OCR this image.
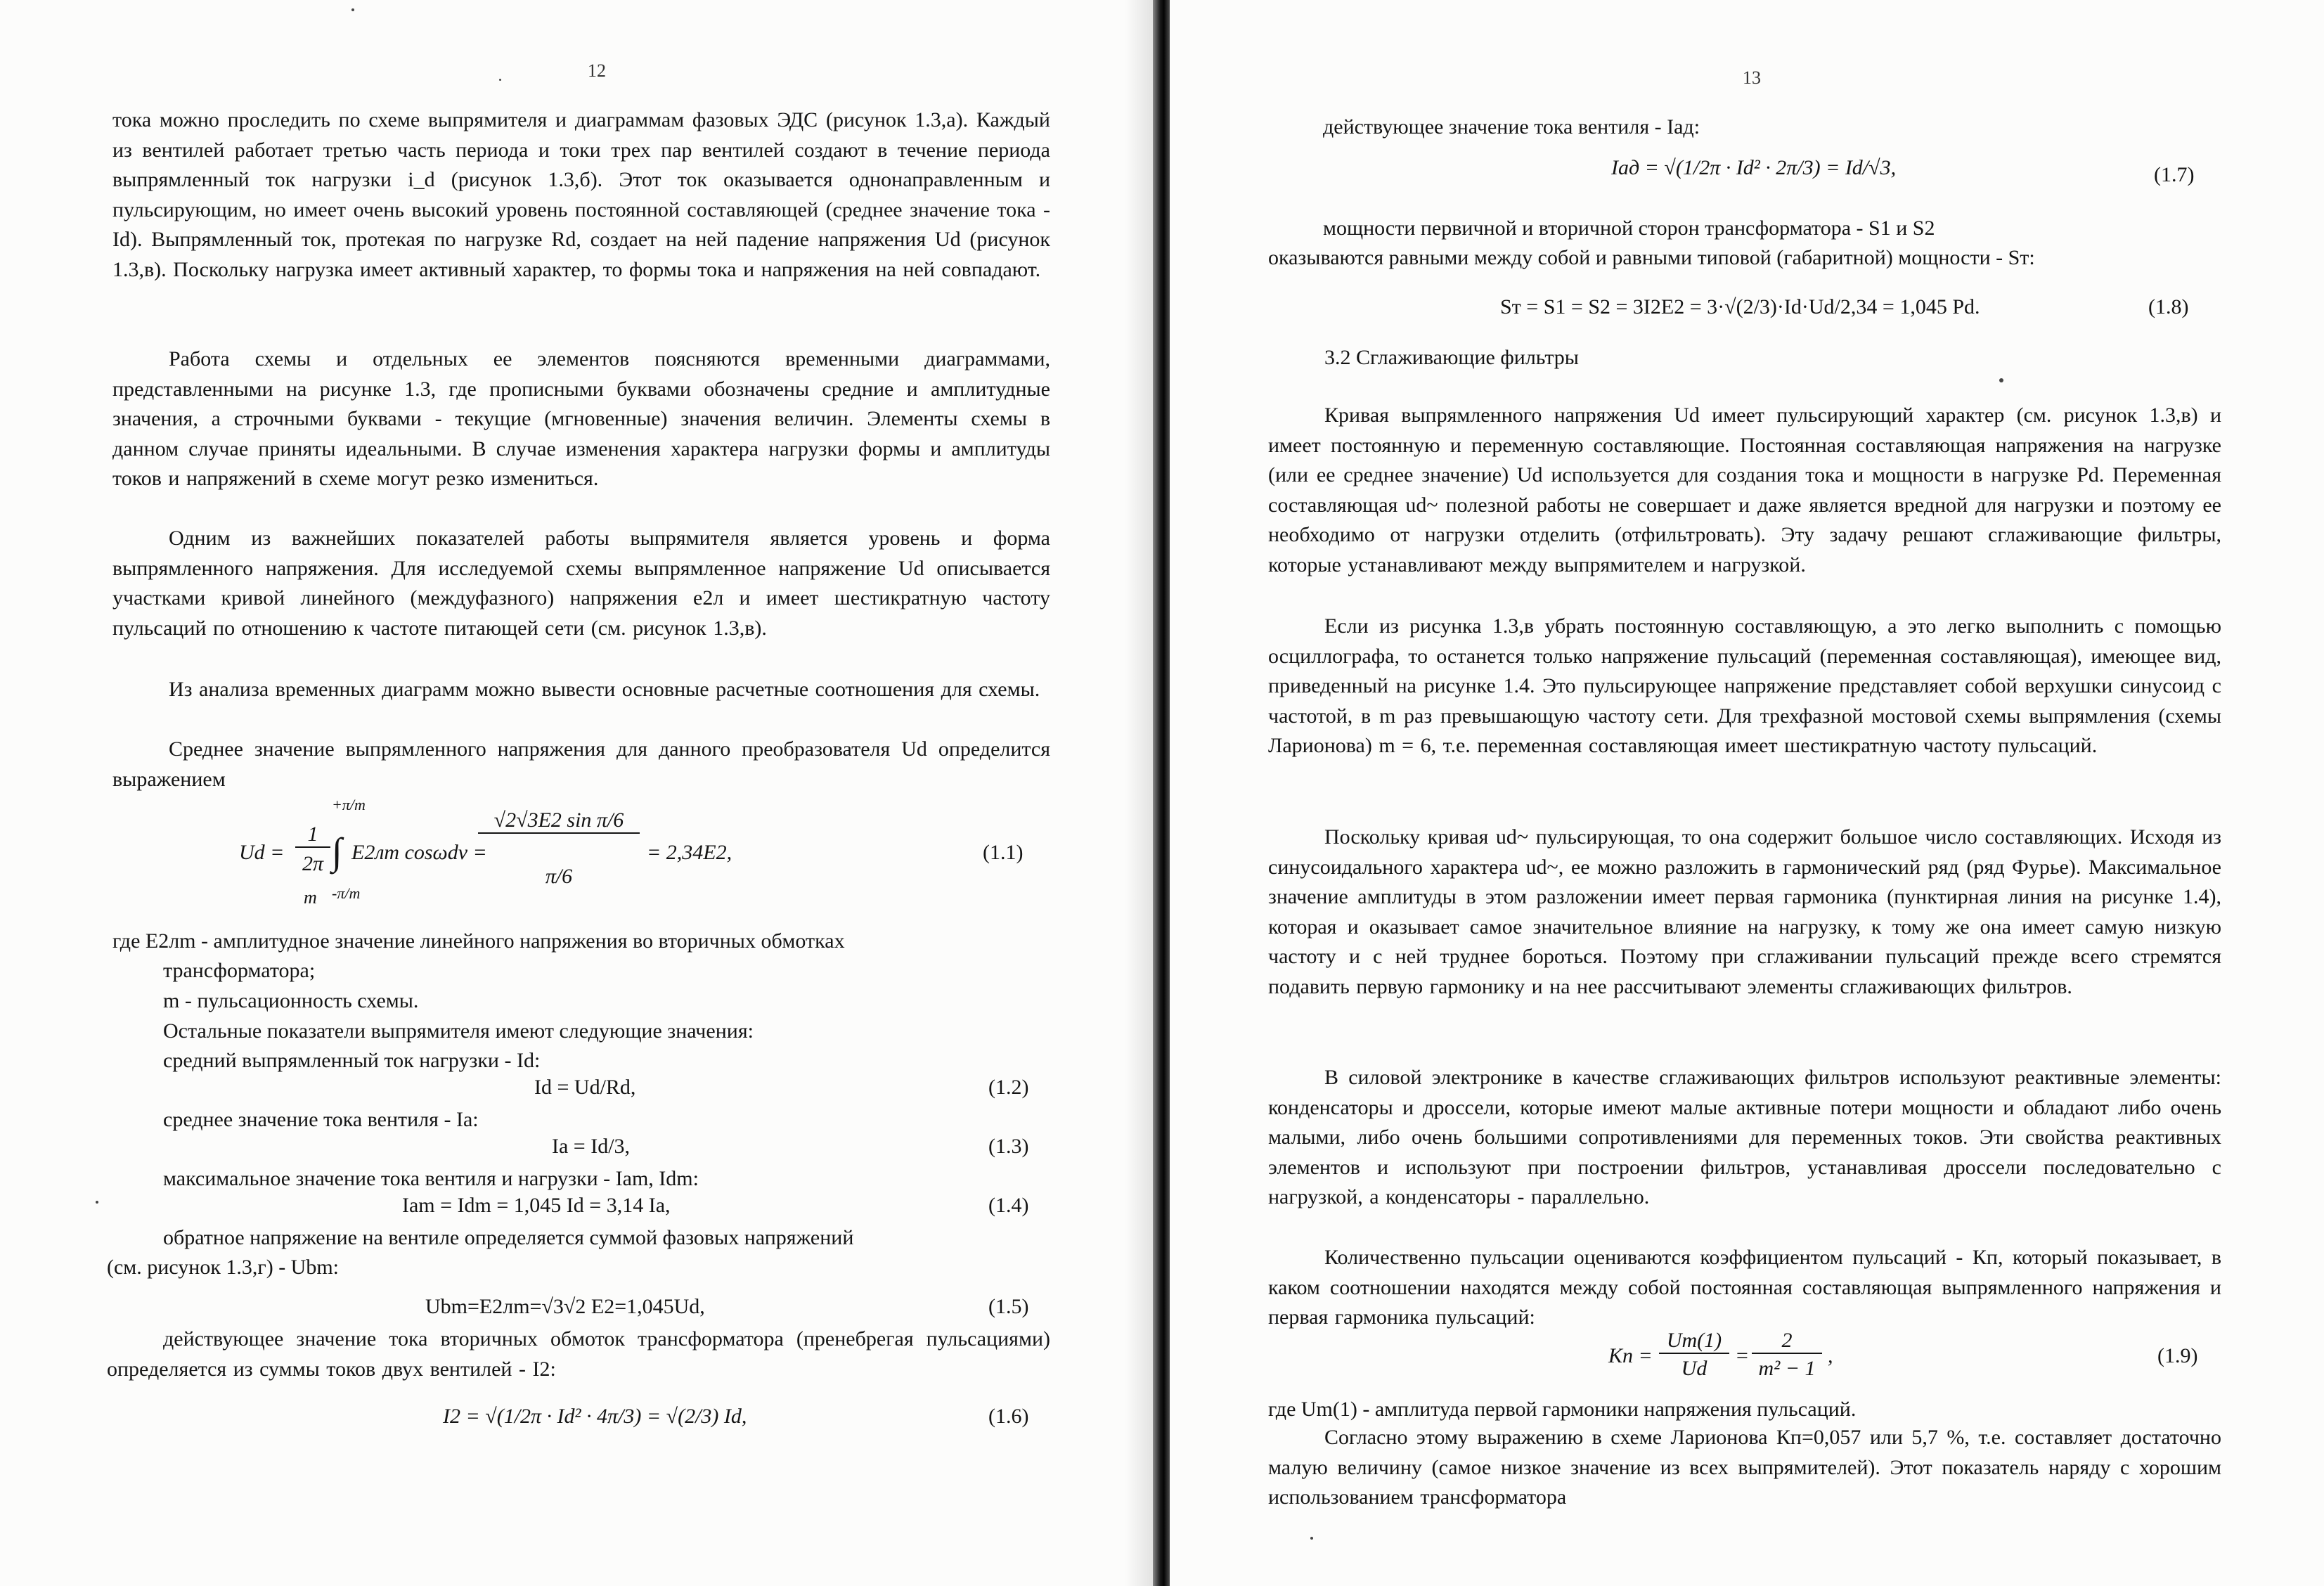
12

тока можно проследить по схеме выпрямителя и диаграммам фазовых ЭДС (рисунок 1.3,а). Каждый из вентилей работает третью часть периода и токи трех пар вентилей создают в течение периода выпрямленный ток нагрузки i_d (рисунок 1.3,б). Этот ток оказывается однонаправленным и пульсирующим, но имеет очень высокий уровень постоянной составляющей (среднее значение тока - Id). Выпрямленный ток, протекая по нагрузке Rd, создает на ней падение напряжения Ud (рисунок 1.3,в). Поскольку нагрузка имеет активный характер, то формы тока и напряжения на ней совпадают.

Работа схемы и отдельных ее элементов поясняются временными диаграммами, представленными на рисунке 1.3, где прописными буквами обозначены средние и амплитудные значения, а строчными буквами - текущие (мгновенные) значения величин. Элементы схемы в данном случае приняты идеальными. В случае изменения характера нагрузки формы и амплитуды токов и напряжений в схеме могут резко измениться.

Одним из важнейших показателей работы выпрямителя является уровень и форма выпрямленного напряжения. Для исследуемой схемы выпрямленное напряжение Ud описывается участками кривой линейного (междуфазного) напряжения e2л и имеет шестикратную частоту пульсаций по отношению к частоте питающей сети (см. рисунок 1.3,в).

Из анализа временных диаграмм можно вывести основные расчетные соотношения для схемы.

Среднее значение выпрямленного напряжения для данного преобразователя Ud определится выражением

Ud =
1
2π
m
+π/m
∫
-π/m
E2лm cosωdν =
√2√3E2 sin π/6
π/6
= 2,34E2,	(1.1)
где E2лm - амплитудное значение линейного напряжения во вторичных обмотках
трансформатора;
m - пульсационность схемы.
Остальные показатели выпрямителя имеют следующие значения:
средний выпрямленный ток нагрузки - Id:
Id = Ud/Rd,	(1.2)
среднее значение тока вентиля - Ia:
Ia = Id/3,	(1.3)
максимальное значение тока вентиля и нагрузки - Iam, Idm:
Iam = Idm = 1,045 Id = 3,14 Ia,	(1.4)
обратное напряжение на вентиле определяется суммой фазовых напряжений
(см. рисунок 1.3,г) - Ubm:
Ubm=E2лm=√3√2 E2=1,045Ud,	(1.5)

действующее значение тока вторичных обмоток трансформатора (пренебрегая пульсациями) определяется из суммы токов двух вентилей - I2:

I2 = √(1/2π · Id² · 4π/3) = √(2/3) Id,	(1.6)
13
действующее значение тока вентиля - Iaд:
Iaд = √(1/2π · Id² · 2π/3) = Id/√3,	(1.7)
мощности первичной и вторичной сторон трансформатора - S1 и S2
оказываются равными между собой и равными типовой (габаритной) мощности - Sт:
Sт = S1 = S2 = 3I2E2 = 3·√(2/3)·Id·Ud/2,34 = 1,045 Pd.	(1.8)
3.2 Сглаживающие фильтры

Кривая выпрямленного напряжения Ud имеет пульсирующий характер (см. рисунок 1.3,в) и имеет постоянную и переменную составляющие. Постоянная составляющая напряжения на нагрузке (или ее среднее значение) Ud используется для создания тока и мощности в нагрузке Pd. Переменная составляющая ud~ полезной работы не совершает и даже является вредной для нагрузки и поэтому ее необходимо от нагрузки отделить (отфильтровать). Эту задачу решают сглаживающие фильтры, которые устанавливают между выпрямителем и нагрузкой.

Если из рисунка 1.3,в убрать постоянную составляющую, а это легко выполнить с помощью осциллографа, то останется только напряжение пульсаций (переменная составляющая), имеющее вид, приведенный на рисунке 1.4. Это пульсирующее напряжение представляет собой верхушки синусоид с частотой, в m раз превышающую частоту сети. Для трехфазной мостовой схемы выпрямления (схемы Ларионова) m = 6, т.е. переменная составляющая имеет шестикратную частоту пульсаций.

Поскольку кривая ud~ пульсирующая, то она содержит большое число составляющих. Исходя из синусоидального характера ud~, ее можно разложить в гармонический ряд (ряд Фурье). Максимальное значение амплитуды в этом разложении имеет первая гармоника (пунктирная линия на рисунке 1.4), которая и оказывает самое значительное влияние на нагрузку, к тому же она имеет самую низкую частоту и с ней труднее бороться. Поэтому при сглаживании пульсаций прежде всего стремятся подавить первую гармонику и на нее рассчитывают элементы сглаживающих фильтров.

В силовой электронике в качестве сглаживающих фильтров используют реактивные элементы: конденсаторы и дроссели, которые имеют малые активные потери мощности и обладают либо очень малыми, либо очень большими сопротивлениями для переменных токов. Эти свойства реактивных элементов и используют при построении фильтров, устанавливая дроссели последовательно с нагрузкой, а конденсаторы - параллельно.

Количественно пульсации оцениваются коэффициентом пульсаций - Кп, который показывает, в каком соотношении находятся между собой постоянная составляющая выпрямленного напряжения и первая гармоника пульсаций:

Kn =
Um(1)
Ud
=
2
m² − 1
,	(1.9)
где Um(1) - амплитуда первой гармоники напряжения пульсаций.

Согласно этому выражению в схеме Ларионова Кп=0,057 или 5,7 %, т.е. составляет достаточно малую величину (самое низкое значение из всех выпрямителей). Этот показатель наряду с хорошим использованием трансформатора
